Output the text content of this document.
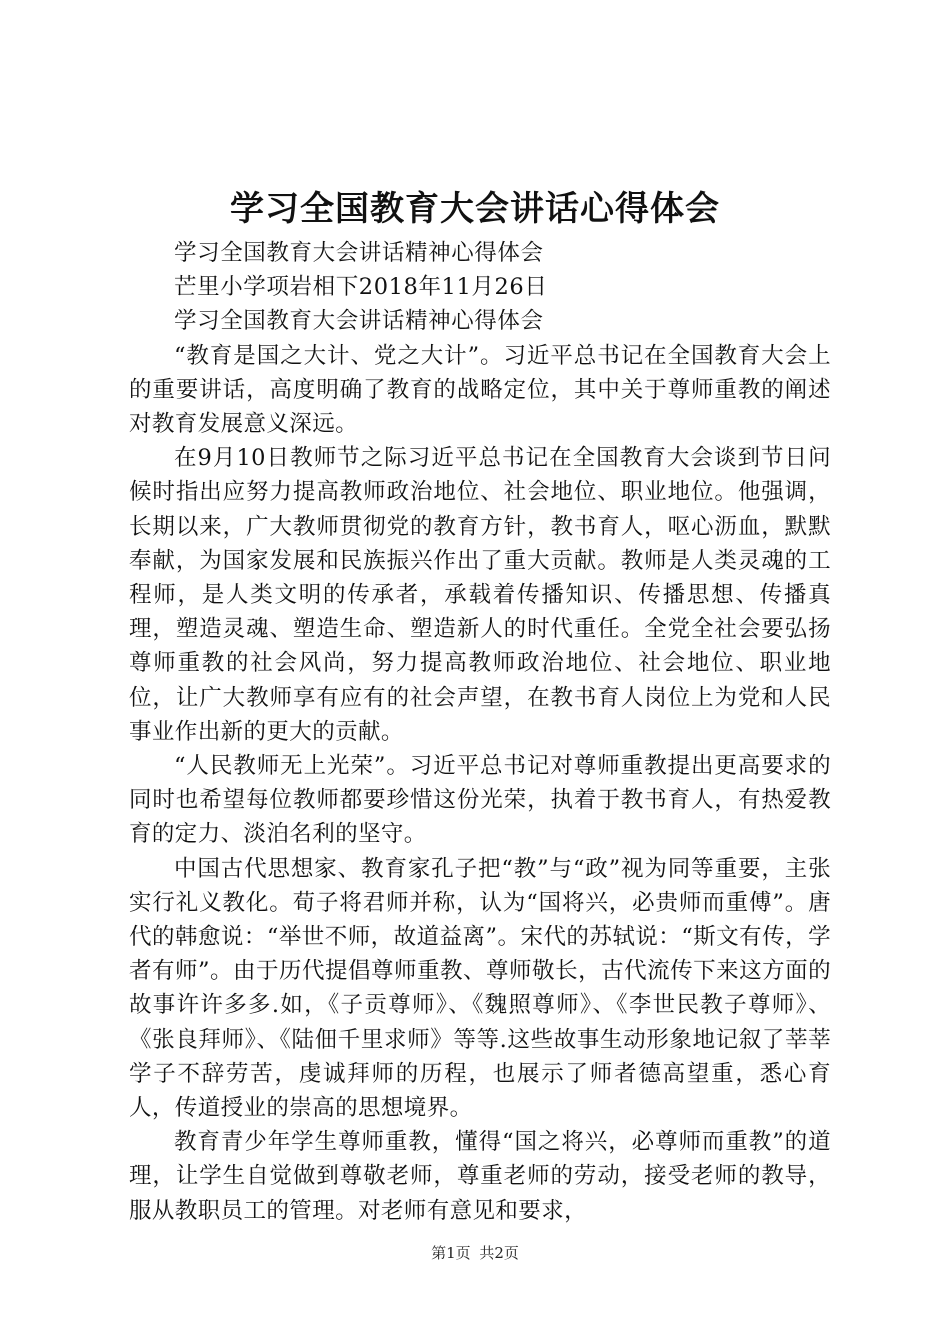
学习全国教育大会讲话心得体会

学习全国教育大会讲话精神心得体会

芒里小学项岩相下2018年11月26日

学习全国教育大会讲话精神心得体会

“教育是国之大计、党之大计”。习近平总书记在全国教育大会上的重要讲话，高度明确了教育的战略定位，其中关于尊师重教的阐述对教育发展意义深远。

在9月10日教师节之际习近平总书记在全国教育大会谈到节日问候时指出应努力提高教师政治地位、社会地位、职业地位。他强调，长期以来，广大教师贯彻党的教育方针，教书育人，呕心沥血，默默奉献，为国家发展和民族振兴作出了重大贡献。教师是人类灵魂的工程师，是人类文明的传承者，承载着传播知识、传播思想、传播真理，塑造灵魂、塑造生命、塑造新人的时代重任。全党全社会要弘扬尊师重教的社会风尚，努力提高教师政治地位、社会地位、职业地位，让广大教师享有应有的社会声望，在教书育人岗位上为党和人民事业作出新的更大的贡献。

“人民教师无上光荣”。习近平总书记对尊师重教提出更高要求的同时也希望每位教师都要珍惜这份光荣，执着于教书育人，有热爱教育的定力、淡泊名利的坚守。

中国古代思想家、教育家孔子把“教”与“政”视为同等重要，主张实行礼义教化。荀子将君师并称，认为“国将兴，必贵师而重傅”。唐代的韩愈说：“举世不师，故道益离”。宋代的苏轼说：“斯文有传，学者有师”。由于历代提倡尊师重教、尊师敬长，古代流传下来这方面的故事许许多多.如，《子贡尊师》、《魏照尊师》、《李世民教子尊师》、《张良拜师》、《陆佃千里求师》等等.这些故事生动形象地记叙了莘莘学子不辞劳苦，虔诚拜师的历程，也展示了师者德高望重，悉心育人，传道授业的崇高的思想境界。

教育青少年学生尊师重教，懂得“国之将兴，必尊师而重教”的道理，让学生自觉做到尊敬老师，尊重老师的劳动，接受老师的教导，服从教职员工的管理。对老师有意见和要求，

第1页 共2页
